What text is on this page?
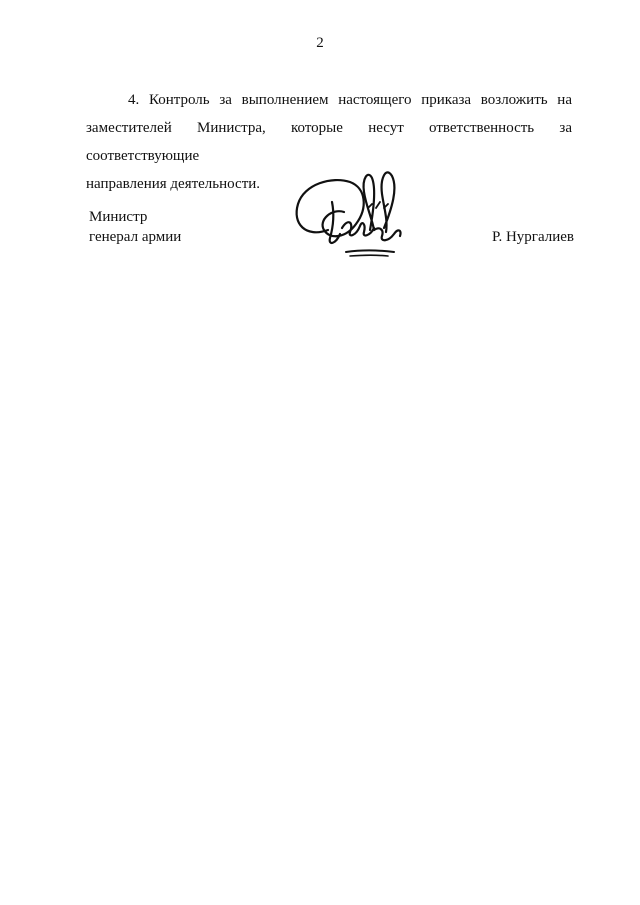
2
4. Контроль за выполнением настоящего приказа возложить на
заместителей Министра, которые несут ответственность за соответствующие
направления деятельности.
Министр
генерал армии	Р. Нургалиев
